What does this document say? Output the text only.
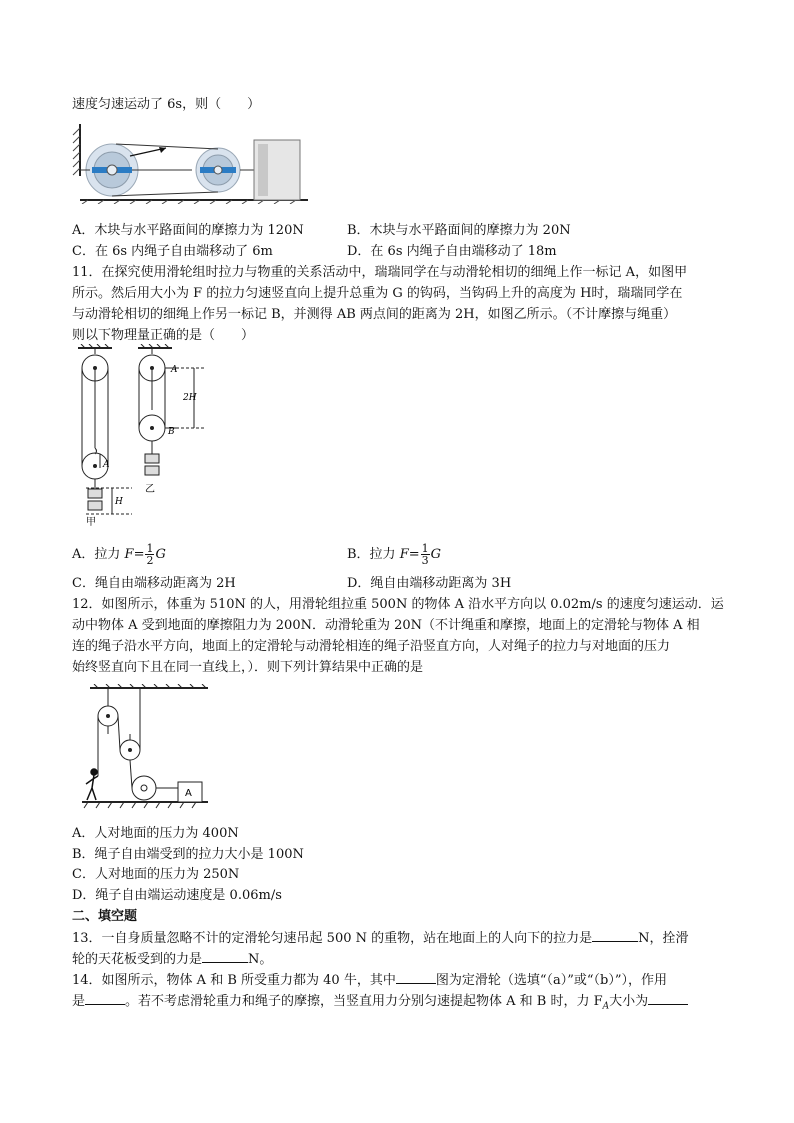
速度匀速运动了 6s，则（　　）
A．木块与水平路面间的摩擦力为 120N	B．木块与水平路面间的摩擦力为 20N
C．在 6s 内绳子自由端移动了 6m	D．在 6s 内绳子自由端移动了 18m
11．在探究使用滑轮组时拉力与物重的关系活动中，瑞瑞同学在与动滑轮相切的细绳上作一标记 A，如图甲
所示。然后用大小为 F 的拉力匀速竖直向上提升总重为 G 的钩码，当钩码上升的高度为 H时，瑞瑞同学在
与动滑轮相切的细绳上作另一标记 B，并测得 AB 两点间的距离为 2H，如图乙所示。（不计摩擦与绳重）
则以下物理量正确的是（　　）
A
H
甲
乙
A
B
2H
A．拉力 $F= \frac{1}{2}$ G	B．拉力 $F= \frac{1}{3}$ G
C．绳自由端移动距离为 2H	D．绳自由端移动距离为 3H
12．如图所示，体重为 510N 的人，用滑轮组拉重 500N 的物体 A 沿水平方向以 0.02m/s 的速度匀速运动．运
动中物体 A 受到地面的摩擦阻力为 200N．动滑轮重为 20N（不计绳重和摩擦，地面上的定滑轮与物体 A 相
连的绳子沿水平方向，地面上的定滑轮与动滑轮相连的绳子沿竖直方向，人对绳子的拉力与对地面的压力
始终竖直向下且在同一直线上，）．则下列计算结果中正确的是
A
A．人对地面的压力为 400N
B．绳子自由端受到的拉力大小是 100N
C．人对地面的压力为 250N
D．绳子自由端运动速度是 0.06m/s
二、填空题
13．一自身质量忽略不计的定滑轮匀速吊起 500 N 的重物，站在地面上的人向下的拉力是	N，拴滑
轮的天花板受到的力是	N。
14．如图所示，物体 A 和 B 所受重力都为 40 牛，其中	图为定滑轮（选填“（a）”或“（b）”），作用
是	。若不考虑滑轮重力和绳子的摩擦，当竖直用力分别匀速提起物体 A 和 B 时，力 $F_A$大小为
